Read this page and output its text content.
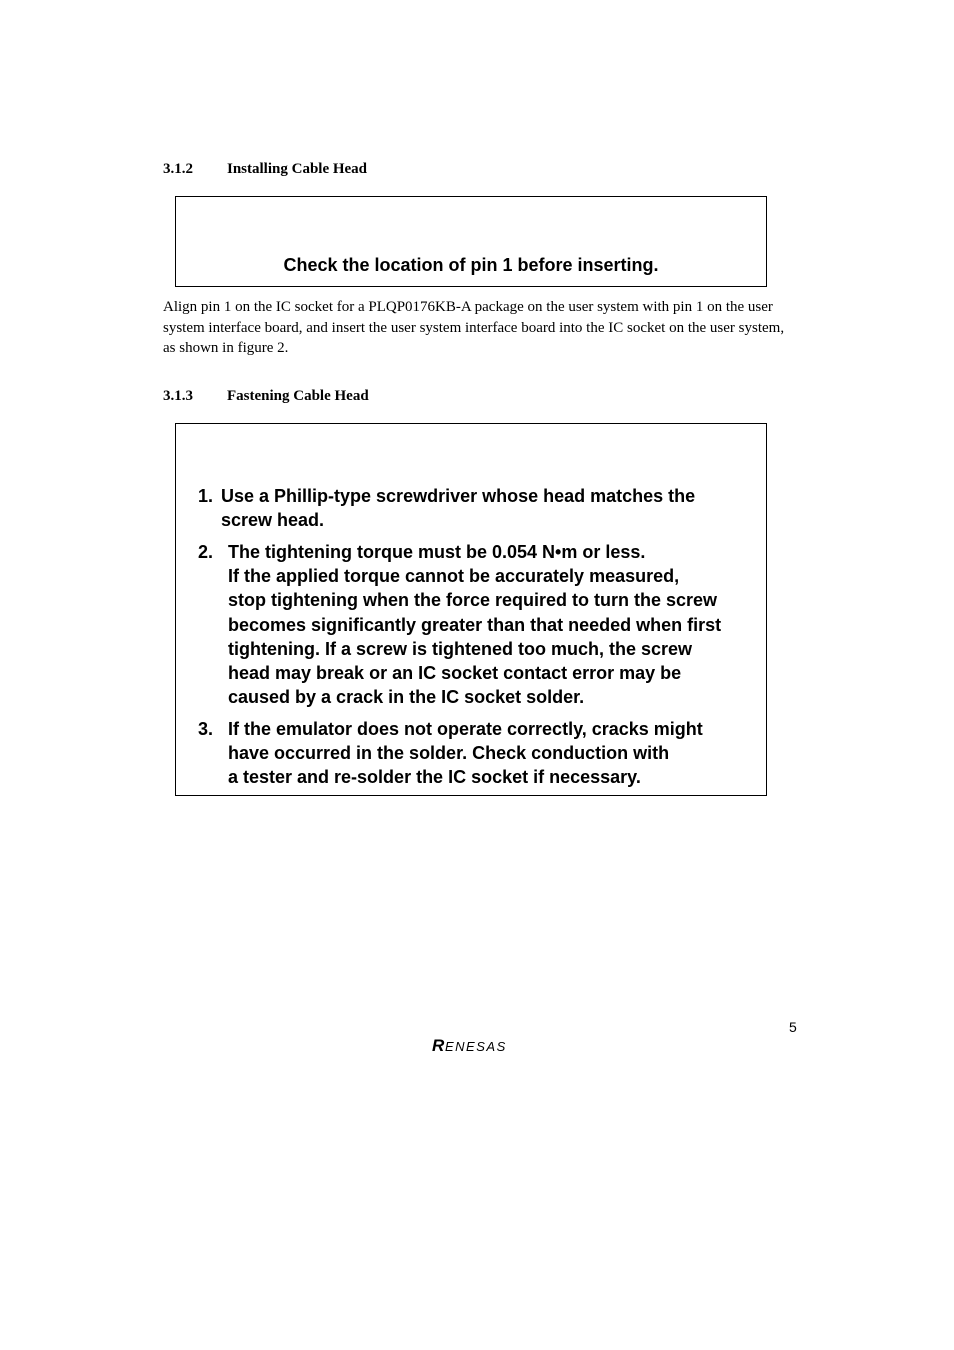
3.1.2 Installing Cable Head
Check the location of pin 1 before inserting.
Align pin 1 on the IC socket for a PLQP0176KB-A package on the user system with pin 1 on the user system interface board, and insert the user system interface board into the IC socket on the user system, as shown in figure 2.
3.1.3 Fastening Cable Head
1. Use a Phillip-type screwdriver whose head matches the
screw head.
2. The tightening torque must be 0.054 N•m or less.
If the applied torque cannot be accurately measured,
stop tightening when the force required to turn the screw
becomes significantly greater than that needed when first
tightening. If a screw is tightened too much, the screw
head may break or an IC socket contact error may be
caused by a crack in the IC socket solder.
3. If the emulator does not operate correctly, cracks might
have occurred in the solder. Check conduction with
a tester and re-solder the IC socket if necessary.
5
R ENESAS
